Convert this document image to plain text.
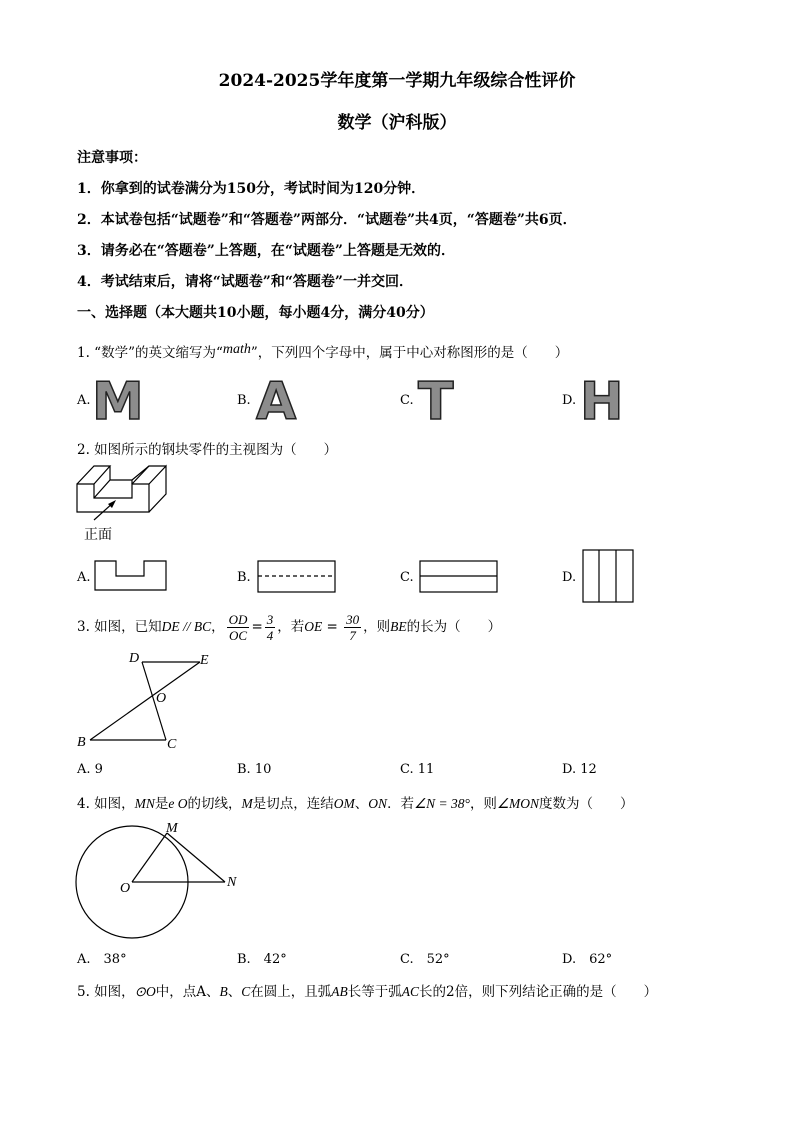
2024-2025学年度第一学期九年级综合性评价
数学（沪科版）
注意事项：
1．你拿到的试卷满分为150分，考试时间为120分钟．
2．本试卷包括“试题卷”和“答题卷”两部分．“试题卷”共4页，“答题卷”共6页．
3．请务必在“答题卷”上答题，在“试题卷”上答题是无效的．
4．考试结束后，请将“试题卷”和“答题卷”一并交回．
一、选择题（本大题共10小题，每小题4分，满分40分）
1. “数学”的英文缩写为“math”，下列四个字母中，属于中心对称图形的是（　　）
A. M	B. A	C. T	D. H
2. 如图所示的钢块零件的主视图为（　　）
正面
A.	B.	C.	D.
3. 如图，已知DE // BC， $\frac{OD}{OC} = \frac{3}{4}$ ，若OE = $\frac{30}{7}$ ，则BE的长为（　　）
D	E
O
B	C
A. 9	B. 10	C. 11	D. 12
4. 如图，MN是e O的切线，M是切点，连结OM、ON．若∠N = 38°，则∠MON度数为（　　）
M
O	N
A.　38°	B.　42°	C.　52°	D.　62°
5. 如图，⊙O中，点A、B、C在圆上，且弧AB长等于弧AC长的2倍，则下列结论正确的是（　　）
